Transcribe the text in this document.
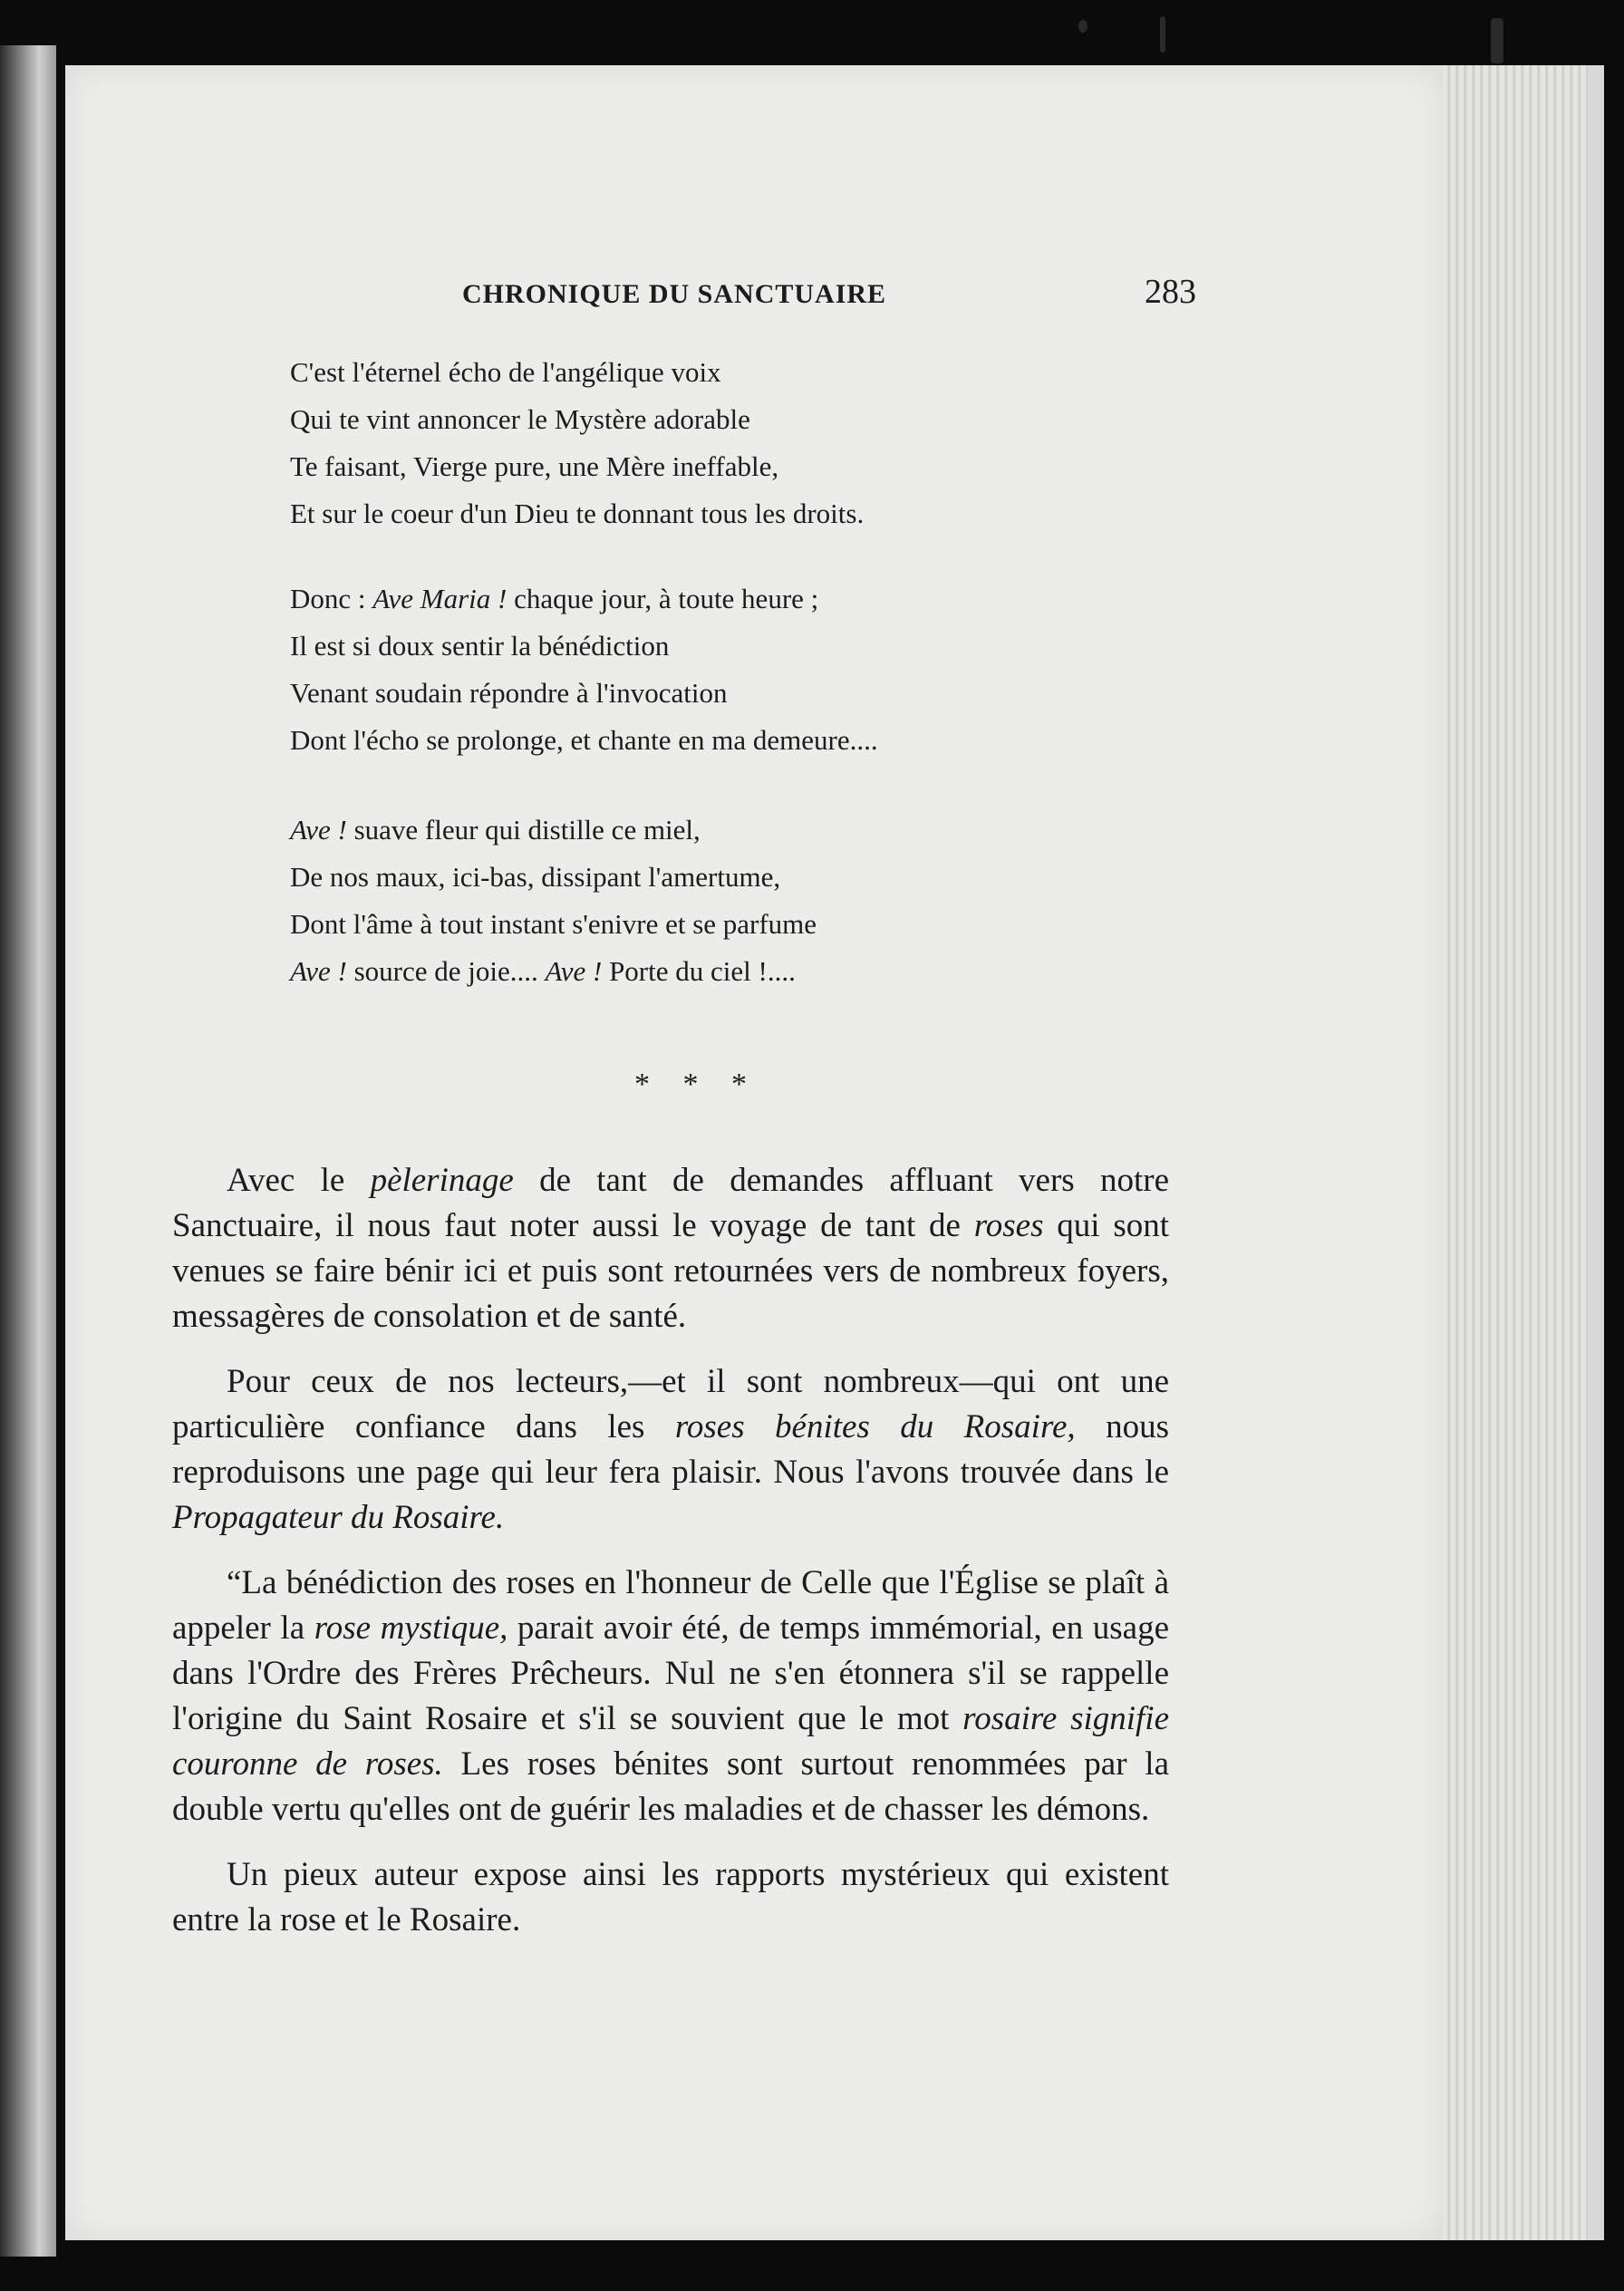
CHRONIQUE DU SANCTUAIRE	283
C'est l'éternel écho de l'angélique voix
Qui te vint annoncer le Mystère adorable
Te faisant, Vierge pure, une Mère ineffable,
Et sur le coeur d'un Dieu te donnant tous les droits.
Donc : Ave Maria ! chaque jour, à toute heure ;
Il est si doux sentir la bénédiction
Venant soudain répondre à l'invocation
Dont l'écho se prolonge, et chante en ma demeure....
Ave ! suave fleur qui distille ce miel,
De nos maux, ici-bas, dissipant l'amertume,
Dont l'âme à tout instant s'enivre et se parfume
Ave ! source de joie.... Ave ! Porte du ciel !....
* * *

Avec le pèlerinage de tant de demandes affluant vers notre Sanctuaire, il nous faut noter aussi le voyage de tant de roses qui sont venues se faire bénir ici et puis sont retournées vers de nombreux foyers, messagères de consolation et de santé.

Pour ceux de nos lecteurs,—et il sont nombreux—qui ont une particulière confiance dans les roses bénites du Rosaire, nous reproduisons une page qui leur fera plaisir. Nous l'avons trouvée dans le Propagateur du Rosaire.

“La bénédiction des roses en l'honneur de Celle que l'Église se plaît à appeler la rose mystique, parait avoir été, de temps immémorial, en usage dans l'Ordre des Frères Prêcheurs. Nul ne s'en étonnera s'il se rappelle l'origine du Saint Rosaire et s'il se souvient que le mot rosaire signifie couronne de roses. Les roses bénites sont surtout renommées par la double vertu qu'elles ont de guérir les maladies et de chasser les démons.

Un pieux auteur expose ainsi les rapports mystérieux qui existent entre la rose et le Rosaire.
